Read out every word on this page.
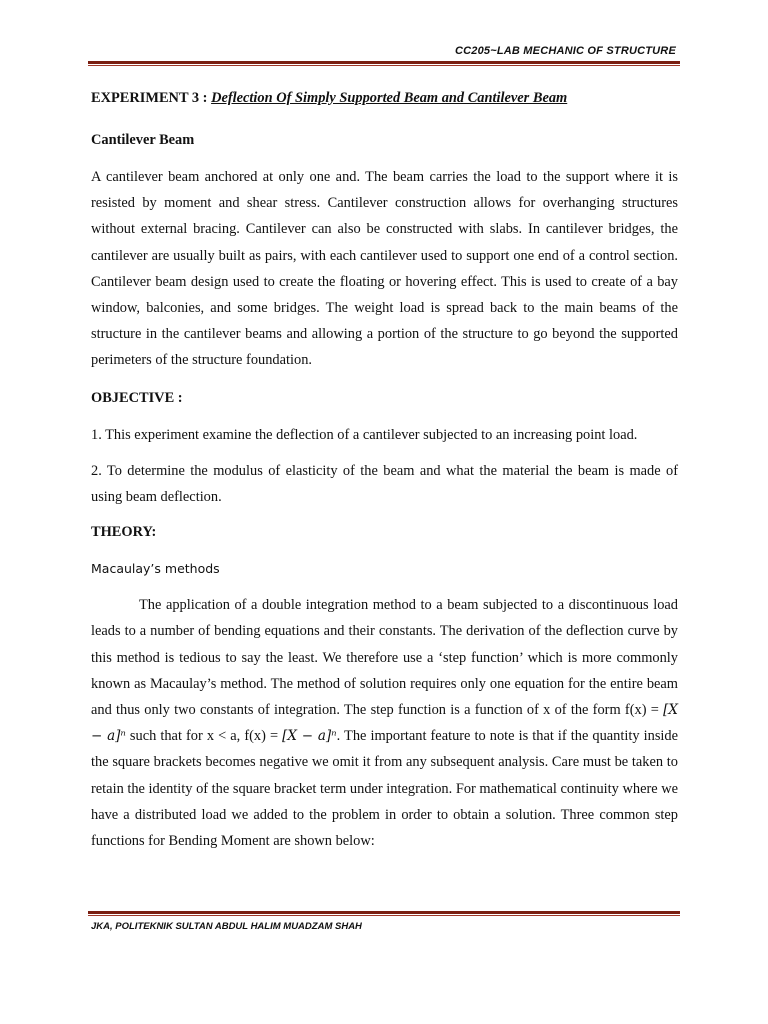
CC205~LAB MECHANIC OF STRUCTURE
EXPERIMENT 3 : Deflection Of Simply Supported Beam and Cantilever Beam
Cantilever Beam

A cantilever beam anchored at only one and. The beam carries the load to the support where it is resisted by moment and shear stress. Cantilever construction allows for overhanging structures without external bracing. Cantilever can also be constructed with slabs. In cantilever bridges, the cantilever are usually built as pairs, with each cantilever used to support one end of a control section. Cantilever beam design used to create the floating or hovering effect. This is used to create of a bay window, balconies, and some bridges. The weight load is spread back to the main beams of the structure in the cantilever beams and allowing a portion of the structure to go beyond the supported perimeters of the structure foundation.

OBJECTIVE :

1. This experiment examine the deflection of a cantilever subjected to an increasing point load.

2. To determine the modulus of elasticity of the beam and what the material the beam is made of using beam deflection.

THEORY:
Macaulay’s methods

The application of a double integration method to a beam subjected to a discontinuous load leads to a number of bending equations and their constants. The derivation of the deflection curve by this method is tedious to say the least. We therefore use a ‘step function’ which is more commonly known as Macaulay’s method. The method of solution requires only one equation for the entire beam and thus only two constants of integration. The step function is a function of x of the form f(x) = [X − a]ⁿ such that for x < a, f(x) = [X − a]ⁿ. The important feature to note is that if the quantity inside the square brackets becomes negative we omit it from any subsequent analysis. Care must be taken to retain the identity of the square bracket term under integration. For mathematical continuity where we have a distributed load we added to the problem in order to obtain a solution. Three common step functions for Bending Moment are shown below:

JKA, POLITEKNIK SULTAN ABDUL HALIM MUADZAM SHAH
